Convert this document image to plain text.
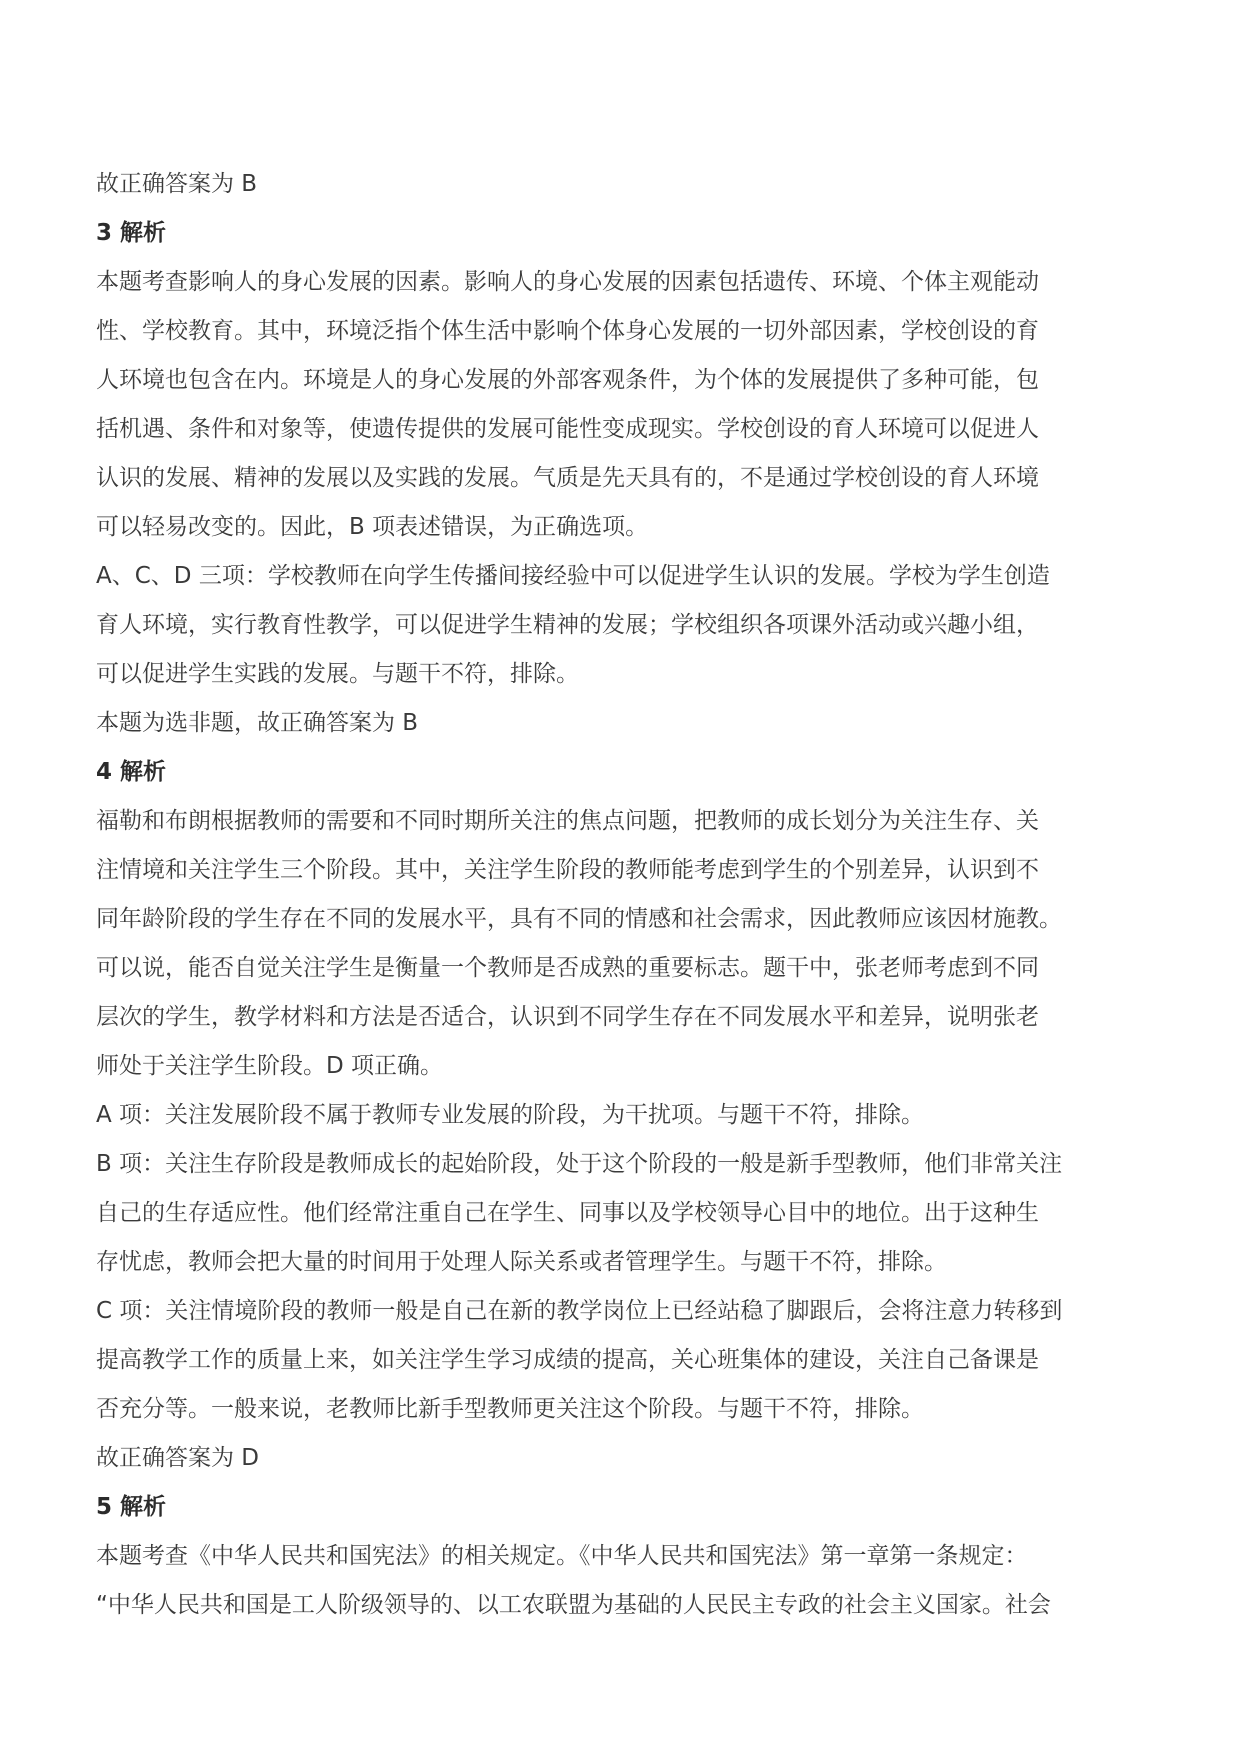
故正确答案为 B
3 解析
本题考查影响人的身心发展的因素。影响人的身心发展的因素包括遗传、环境、个体主观能动
性、学校教育。其中，环境泛指个体生活中影响个体身心发展的一切外部因素，学校创设的育
人环境也包含在内。环境是人的身心发展的外部客观条件，为个体的发展提供了多种可能，包
括机遇、条件和对象等，使遗传提供的发展可能性变成现实。学校创设的育人环境可以促进人
认识的发展、精神的发展以及实践的发展。气质是先天具有的，不是通过学校创设的育人环境
可以轻易改变的。因此，B 项表述错误，为正确选项。
A、C、D 三项：学校教师在向学生传播间接经验中可以促进学生认识的发展。学校为学生创造
育人环境，实行教育性教学，可以促进学生精神的发展；学校组织各项课外活动或兴趣小组，
可以促进学生实践的发展。与题干不符，排除。
本题为选非题，故正确答案为 B
4 解析
福勒和布朗根据教师的需要和不同时期所关注的焦点问题，把教师的成长划分为关注生存、关
注情境和关注学生三个阶段。其中，关注学生阶段的教师能考虑到学生的个别差异，认识到不
同年龄阶段的学生存在不同的发展水平，具有不同的情感和社会需求，因此教师应该因材施教。
可以说，能否自觉关注学生是衡量一个教师是否成熟的重要标志。题干中，张老师考虑到不同
层次的学生，教学材料和方法是否适合，认识到不同学生存在不同发展水平和差异，说明张老
师处于关注学生阶段。D 项正确。
A 项：关注发展阶段不属于教师专业发展的阶段，为干扰项。与题干不符，排除。
B 项：关注生存阶段是教师成长的起始阶段，处于这个阶段的一般是新手型教师，他们非常关注
自己的生存适应性。他们经常注重自己在学生、同事以及学校领导心目中的地位。出于这种生
存忧虑，教师会把大量的时间用于处理人际关系或者管理学生。与题干不符，排除。
C 项：关注情境阶段的教师一般是自己在新的教学岗位上已经站稳了脚跟后，会将注意力转移到
提高教学工作的质量上来，如关注学生学习成绩的提高，关心班集体的建设，关注自己备课是
否充分等。一般来说，老教师比新手型教师更关注这个阶段。与题干不符，排除。
故正确答案为 D
5 解析
本题考查《中华人民共和国宪法》的相关规定。《中华人民共和国宪法》第一章第一条规定：
“中华人民共和国是工人阶级领导的、以工农联盟为基础的人民民主专政的社会主义国家。社会
